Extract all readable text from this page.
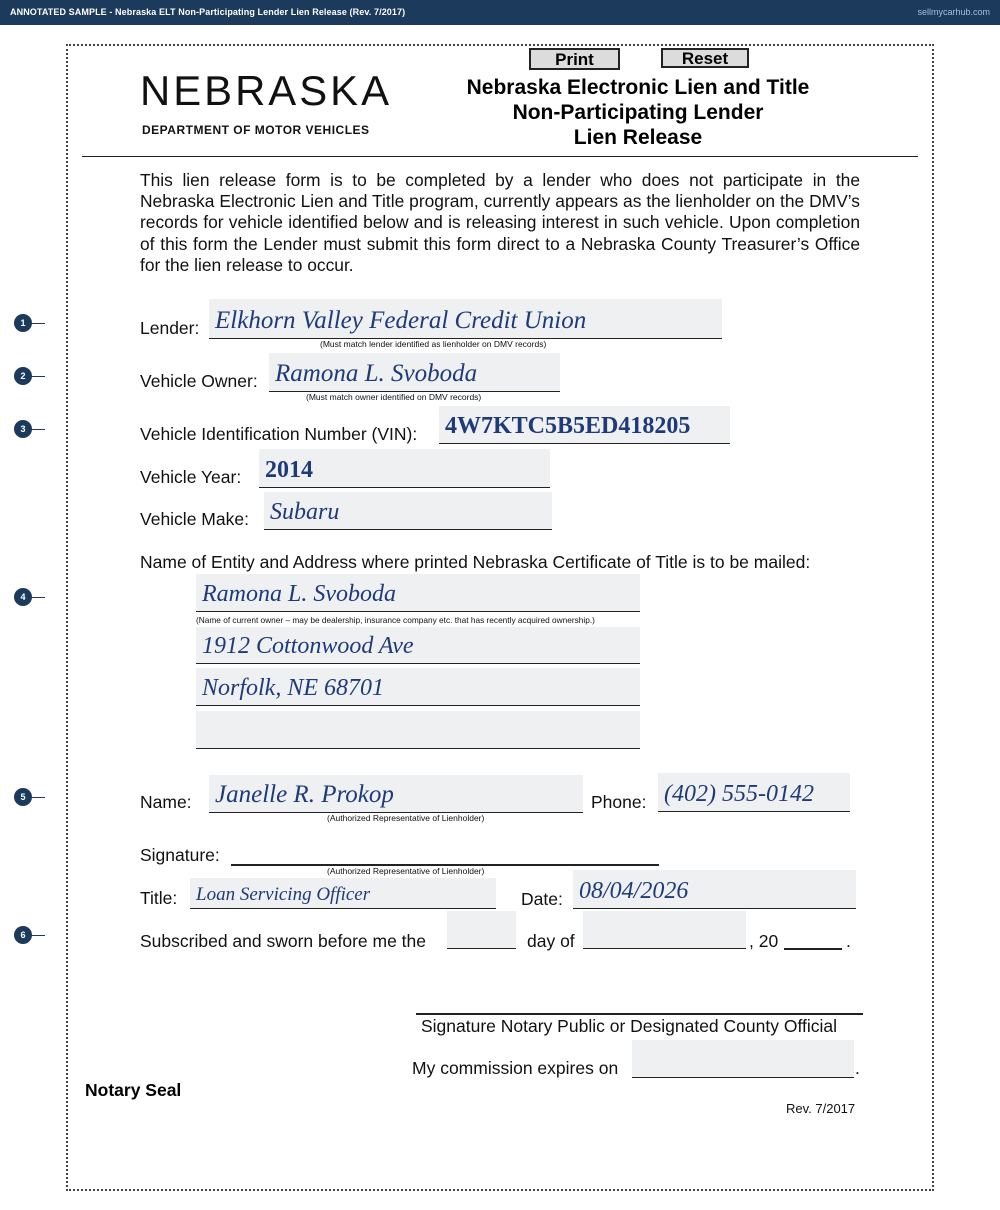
ANNOTATED SAMPLE - Nebraska ELT Non-Participating Lender Lien Release (Rev. 7/2017)	sellmycarhub.com
Print	Reset
NEBRASKA
DEPARTMENT OF MOTOR VEHICLES
Nebraska Electronic Lien and Title
Non-Participating Lender
Lien Release
This lien release form is to be completed by a lender who does not participate in the Nebraska Electronic Lien and Title program, currently appears as the lienholder on the DMV’s records for vehicle identified below and is releasing interest in such vehicle. Upon completion of this form the Lender must submit this form direct to a Nebraska County Treasurer’s Office for the lien release to occur.
1
2
3
4
5
6
Lender: Elkhorn Valley Federal Credit Union
(Must match lender identified as lienholder on DMV records)
Vehicle Owner: Ramona L. Svoboda
(Must match owner identified on DMV records)
Vehicle Identification Number (VIN): 4W7KTC5B5ED418205
Vehicle Year: 2014
Vehicle Make: Subaru
Name of Entity and Address where printed Nebraska Certificate of Title is to be mailed:
Ramona L. Svoboda
(Name of current owner – may be dealership, insurance company etc. that has recently acquired ownership.)
1912 Cottonwood Ave
Norfolk, NE 68701
Name: Janelle R. Prokop
(Authorized Representative of Lienholder)
Phone: (402) 555-0142
Signature:
(Authorized Representative of Lienholder)
Title: Loan Servicing Officer	Date: 08/04/2026
Subscribed and sworn before me the	day of	, 20	.
Signature Notary Public or Designated County Official
My commission expires on	.
Notary Seal
Rev. 7/2017
